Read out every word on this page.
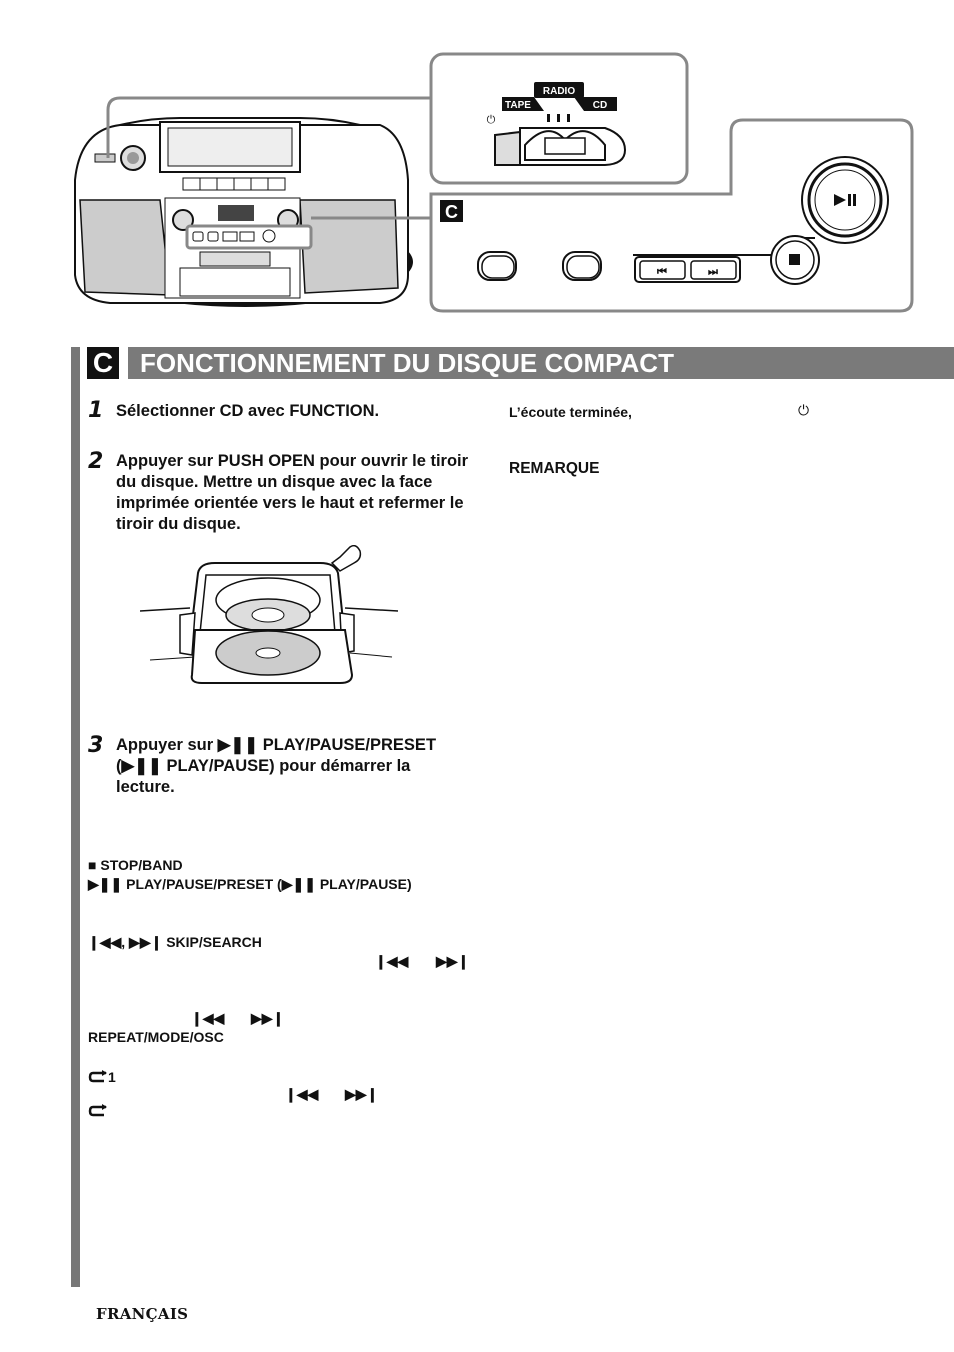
RADIO
TAPE	CD
⏻
C
⏮	⏭
C FONCTIONNEMENT DU DISQUE COMPACT
1 Sélectionner CD avec FUNCTION.
2 Appuyer sur PUSH OPEN pour ouvrir le tiroir du disque. Mettre un disque avec la face imprimée orientée vers le haut et refermer le tiroir du disque.
3 Appuyer sur ▶❚❚ PLAY/PAUSE/PRESET
(▶❚❚ PLAY/PAUSE) pour démarrer la
lecture.
■ STOP/BAND
▶❚❚ PLAY/PAUSE/PRESET (▶❚❚ PLAY/PAUSE)
❙◀◀, ▶▶❙ SKIP/SEARCH
❙◀◀ ▶▶❙
❙◀◀ ▶▶❙
REPEAT/MODE/OSC
1
❙◀◀ ▶▶❙
L’écoute terminée,	⏻
REMARQUE
FRANÇAIS
